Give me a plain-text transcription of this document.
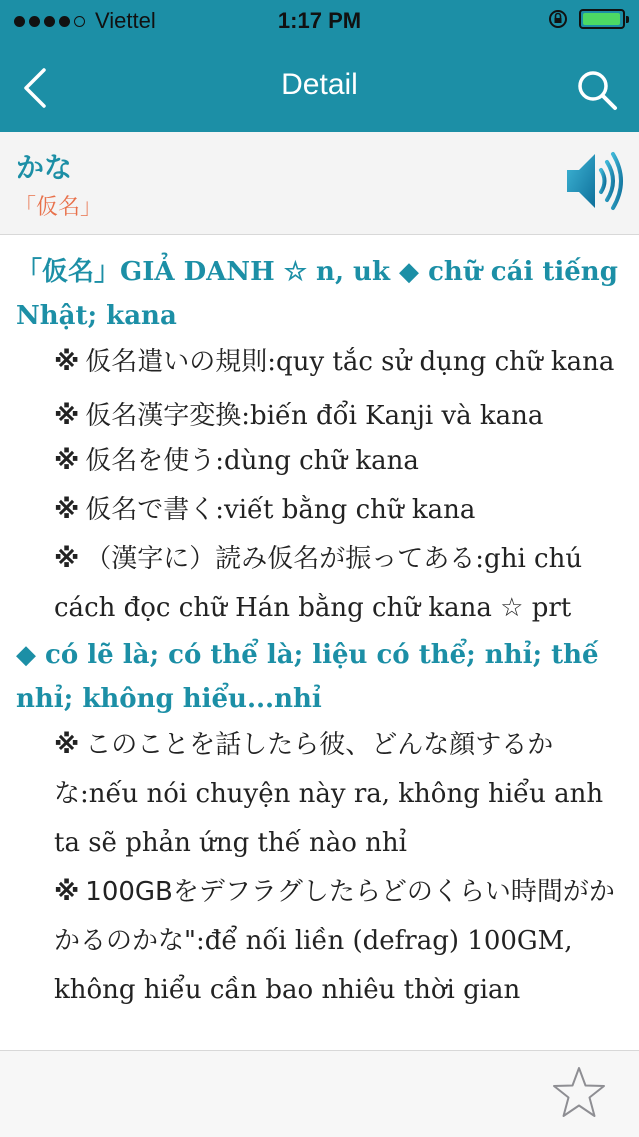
Viettel	1:17 PM
Detail
かな
「仮名」

「仮名」GIẢ DANH ☆ n, uk ◆ chữ cái tiếng Nhật; kana

※ 仮名遣いの規則:quy tắc sử dụng chữ kana

※ 仮名漢字変換:biến đổi Kanji và kana

※ 仮名を使う:dùng chữ kana

※ 仮名で書く:viết bằng chữ kana

※ （漢字に）読み仮名が振ってある:ghi chú cách đọc chữ Hán bằng chữ kana ☆ prt

◆ có lẽ là; có thể là; liệu có thể; nhỉ; thế nhỉ; không hiểu...nhỉ

※ このことを話したら彼、どんな顔するかな:nếu nói chuyện này ra, không hiểu anh ta sẽ phản ứng thế nào nhỉ

※ 100GBをデフラグしたらどのくらい時間がかかるのかな":để nối liền (defrag) 100GM, không hiểu cần bao nhiêu thời gian
